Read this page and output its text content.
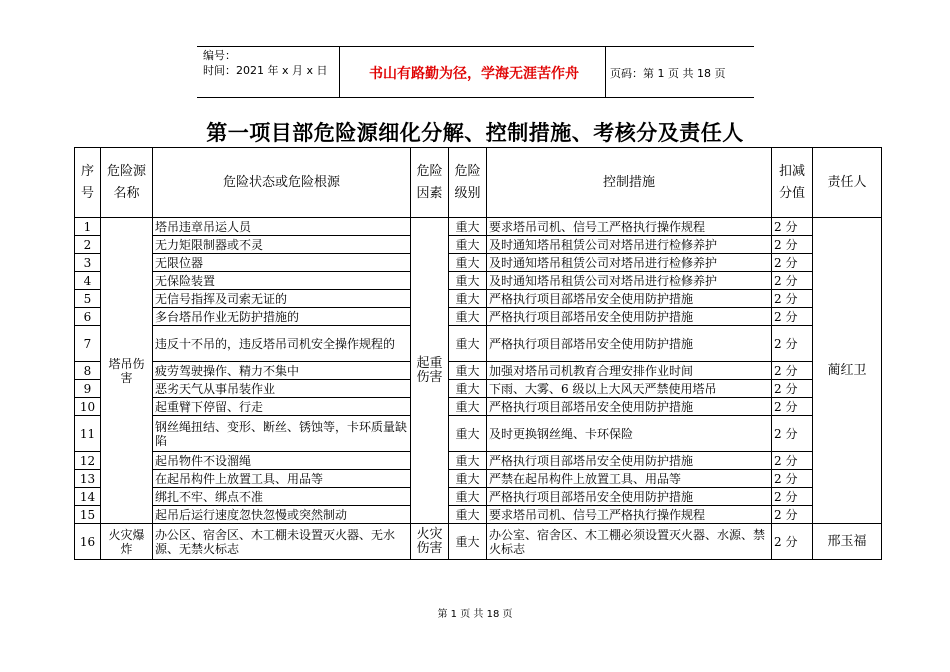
编号：
时间：2021 年 x 月 x 日	书山有路勤为径，学海无涯苦作舟	页码：第 1 页 共 18 页
第一项目部危险源细化分解、控制措施、考核分及责任人
序号	危险源名称	危险状态或危险根源	危险因素	危险级别	控制措施	扣减分值	责任人
1	塔吊伤害	塔吊违章吊运人员	起重伤害	重大	要求塔吊司机、信号工严格执行操作规程	2 分	蔺红卫
2		无力矩限制器或不灵		重大	及时通知塔吊租赁公司对塔吊进行检修养护	2 分	
3		无限位器		重大	及时通知塔吊租赁公司对塔吊进行检修养护	2 分	
4		无保险装置		重大	及时通知塔吊租赁公司对塔吊进行检修养护	2 分	
5		无信号指挥及司索无证的		重大	严格执行项目部塔吊安全使用防护措施	2 分	
6		多台塔吊作业无防护措施的		重大	严格执行项目部塔吊安全使用防护措施	2 分	
7		违反十不吊的，违反塔吊司机安全操作规程的		重大	严格执行项目部塔吊安全使用防护措施	2 分	
8		疲劳驾驶操作、精力不集中		重大	加强对塔吊司机教育合理安排作业时间	2 分	
9		恶劣天气从事吊装作业		重大	下雨、大雾、6 级以上大风天严禁使用塔吊	2 分	
10		起重臂下停留、行走		重大	严格执行项目部塔吊安全使用防护措施	2 分	
11		钢丝绳扭结、变形、断丝、锈蚀等，卡环质量缺陷		重大	及时更换钢丝绳、卡环保险	2 分	
12		起吊物件不设溜绳		重大	严格执行项目部塔吊安全使用防护措施	2 分	
13		在起吊构件上放置工具、用品等		重大	严禁在起吊构件上放置工具、用品等	2 分	
14		绑扎不牢、绑点不准		重大	严格执行项目部塔吊安全使用防护措施	2 分	
15		起吊后运行速度忽快忽慢或突然制动		重大	要求塔吊司机、信号工严格执行操作规程	2 分	
16	火灾爆炸	办公区、宿舍区、木工棚未设置灭火器、无水源、无禁火标志	火灾伤害	重大	办公室、宿舍区、木工棚必须设置灭火器、水源、禁火标志	2 分	邢玉福
第 1 页 共 18 页
